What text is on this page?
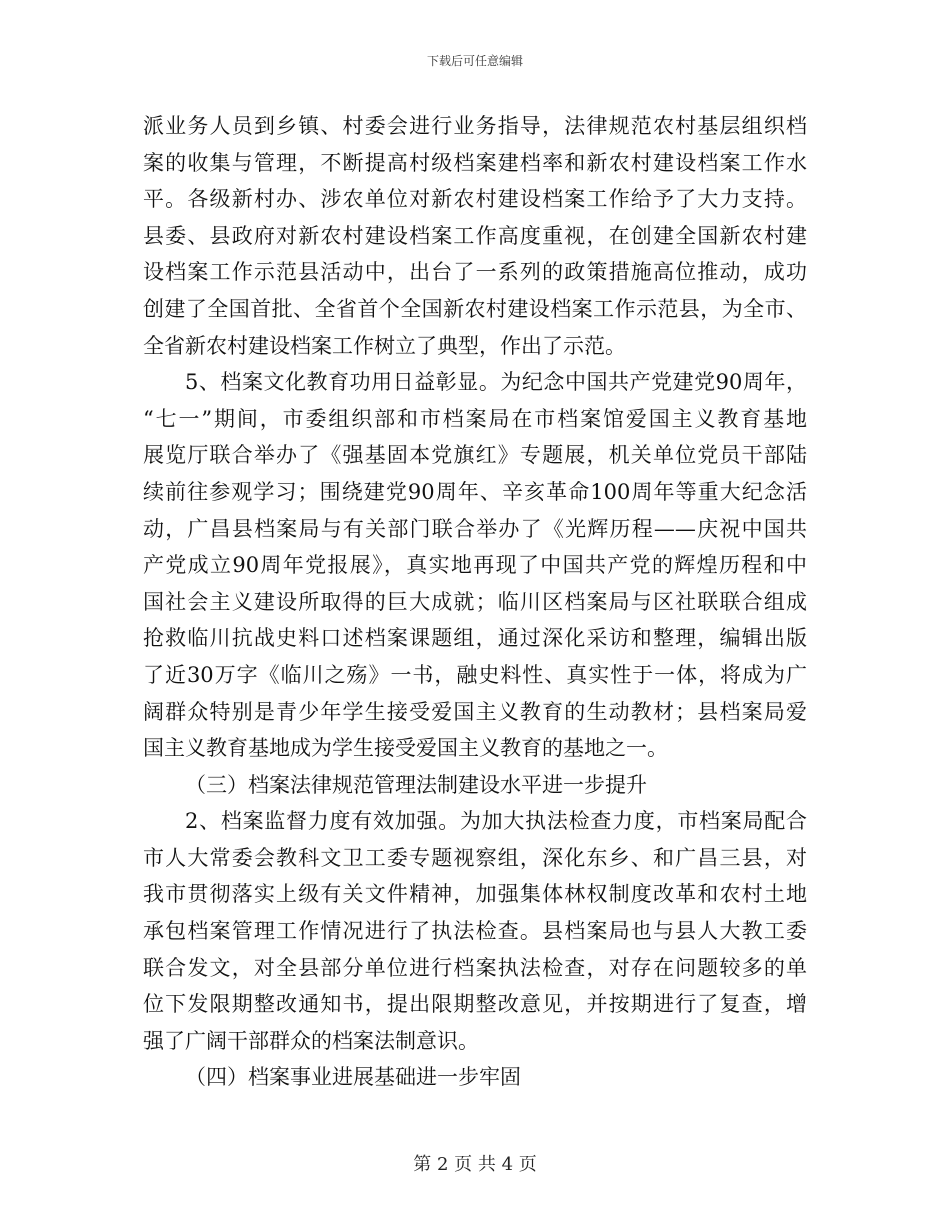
下载后可任意编辑
派业务人员到乡镇、村委会进行业务指导，法律规范农村基层组织档
案的收集与管理，不断提高村级档案建档率和新农村建设档案工作水
平。各级新村办、涉农单位对新农村建设档案工作给予了大力支持。
县委、县政府对新农村建设档案工作高度重视，在创建全国新农村建
设档案工作示范县活动中，出台了一系列的政策措施高位推动，成功
创建了全国首批、全省首个全国新农村建设档案工作示范县，为全市、
全省新农村建设档案工作树立了典型，作出了示范。
5、档案文化教育功用日益彰显。为纪念中国共产党建党90周年，
“七一”期间，市委组织部和市档案局在市档案馆爱国主义教育基地
展览厅联合举办了《强基固本党旗红》专题展，机关单位党员干部陆
续前往参观学习；围绕建党90周年、辛亥革命100周年等重大纪念活
动，广昌县档案局与有关部门联合举办了《光辉历程——庆祝中国共
产党成立90周年党报展》，真实地再现了中国共产党的辉煌历程和中
国社会主义建设所取得的巨大成就；临川区档案局与区社联联合组成
抢救临川抗战史料口述档案课题组，通过深化采访和整理，编辑出版
了近30万字《临川之殇》一书，融史料性、真实性于一体，将成为广
阔群众特别是青少年学生接受爱国主义教育的生动教材；县档案局爱
国主义教育基地成为学生接受爱国主义教育的基地之一。
（三）档案法律规范管理法制建设水平进一步提升
2、档案监督力度有效加强。为加大执法检查力度，市档案局配合
市人大常委会教科文卫工委专题视察组，深化东乡、和广昌三县，对
我市贯彻落实上级有关文件精神，加强集体林权制度改革和农村土地
承包档案管理工作情况进行了执法检查。县档案局也与县人大教工委
联合发文，对全县部分单位进行档案执法检查，对存在问题较多的单
位下发限期整改通知书，提出限期整改意见，并按期进行了复查，增
强了广阔干部群众的档案法制意识。
（四）档案事业进展基础进一步牢固
第 2 页 共 4 页
